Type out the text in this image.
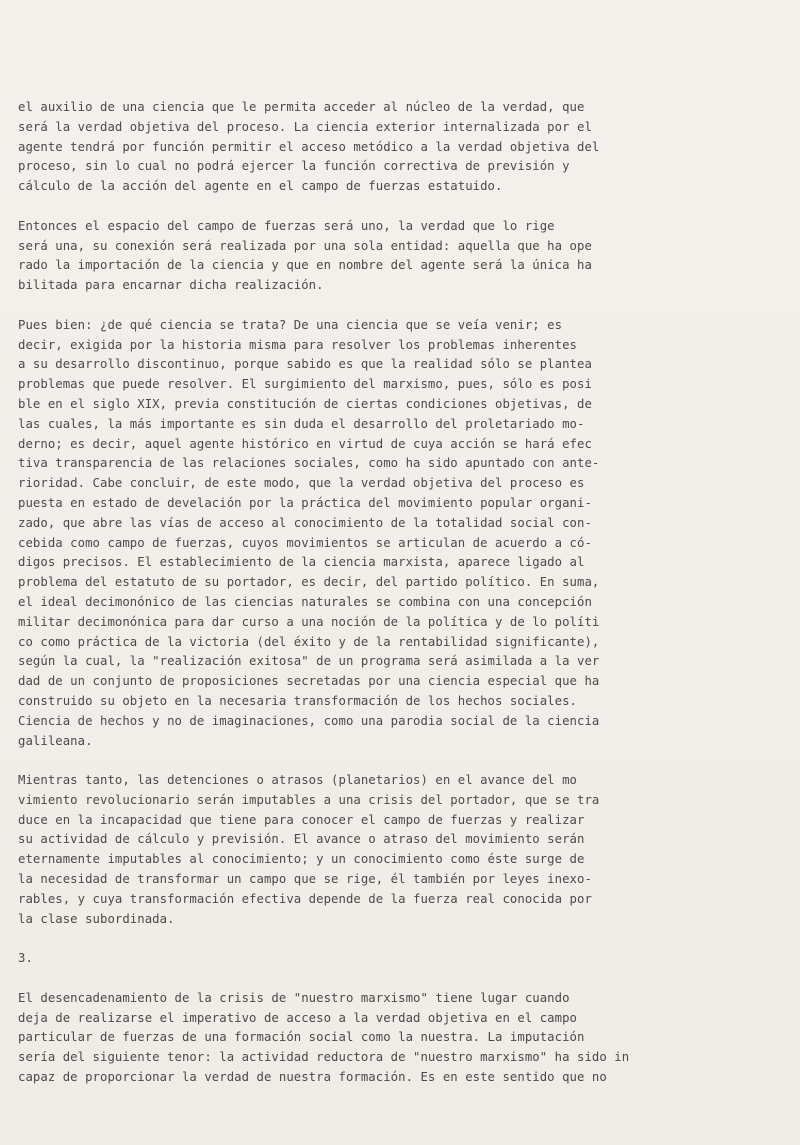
el auxilio de una ciencia que le permita acceder al núcleo de la verdad, que
será la verdad objetiva del proceso. La ciencia exterior internalizada por el
agente tendrá por función permitir el acceso metódico a la verdad objetiva del
proceso, sin lo cual no podrá ejercer la función correctiva de previsión y
cálculo de la acción del agente en el campo de fuerzas estatuido.
Entonces el espacio del campo de fuerzas será uno, la verdad que lo rige
será una, su conexión será realizada por una sola entidad: aquella que ha ope
rado la importación de la ciencia y que en nombre del agente será la única ha
bilitada para encarnar dicha realización.
Pues bien: ¿de qué ciencia se trata? De una ciencia que se veía venir; es
decir, exigida por la historia misma para resolver los problemas inherentes
a su desarrollo discontinuo, porque sabido es que la realidad sólo se plantea
problemas que puede resolver. El surgimiento del marxismo, pues, sólo es posi
ble en el siglo XIX, previa constitución de ciertas condiciones objetivas, de
las cuales, la más importante es sin duda el desarrollo del proletariado mo-
derno; es decir, aquel agente histórico en virtud de cuya acción se hará efec
tiva transparencia de las relaciones sociales, como ha sido apuntado con ante-
rioridad. Cabe concluir, de este modo, que la verdad objetiva del proceso es
puesta en estado de develación por la práctica del movimiento popular organi-
zado, que abre las vías de acceso al conocimiento de la totalidad social con-
cebida como campo de fuerzas, cuyos movimientos se articulan de acuerdo a có-
digos precisos. El establecimiento de la ciencia marxista, aparece ligado al
problema del estatuto de su portador, es decir, del partido político. En suma,
el ideal decimonónico de las ciencias naturales se combina con una concepción
militar decimonónica para dar curso a una noción de la política y de lo políti
co como práctica de la victoria (del éxito y de la rentabilidad significante),
según la cual, la "realización exitosa" de un programa será asimilada a la ver
dad de un conjunto de proposiciones secretadas por una ciencia especial que ha
construido su objeto en la necesaria transformación de los hechos sociales.
Ciencia de hechos y no de imaginaciones, como una parodia social de la ciencia
galileana.
Mientras tanto, las detenciones o atrasos (planetarios) en el avance del mo
vimiento revolucionario serán imputables a una crisis del portador, que se tra
duce en la incapacidad que tiene para conocer el campo de fuerzas y realizar
su actividad de cálculo y previsión. El avance o atraso del movimiento serán
eternamente imputables al conocimiento; y un conocimiento como éste surge de
la necesidad de transformar un campo que se rige, él también por leyes inexo-
rables, y cuya transformación efectiva depende de la fuerza real conocida por
la clase subordinada.
3.
El desencadenamiento de la crisis de "nuestro marxismo" tiene lugar cuando
deja de realizarse el imperativo de acceso a la verdad objetiva en el campo
particular de fuerzas de una formación social como la nuestra. La imputación
sería del siguiente tenor: la actividad reductora de "nuestro marxismo" ha sido in
capaz de proporcionar la verdad de nuestra formación. Es en este sentido que no
